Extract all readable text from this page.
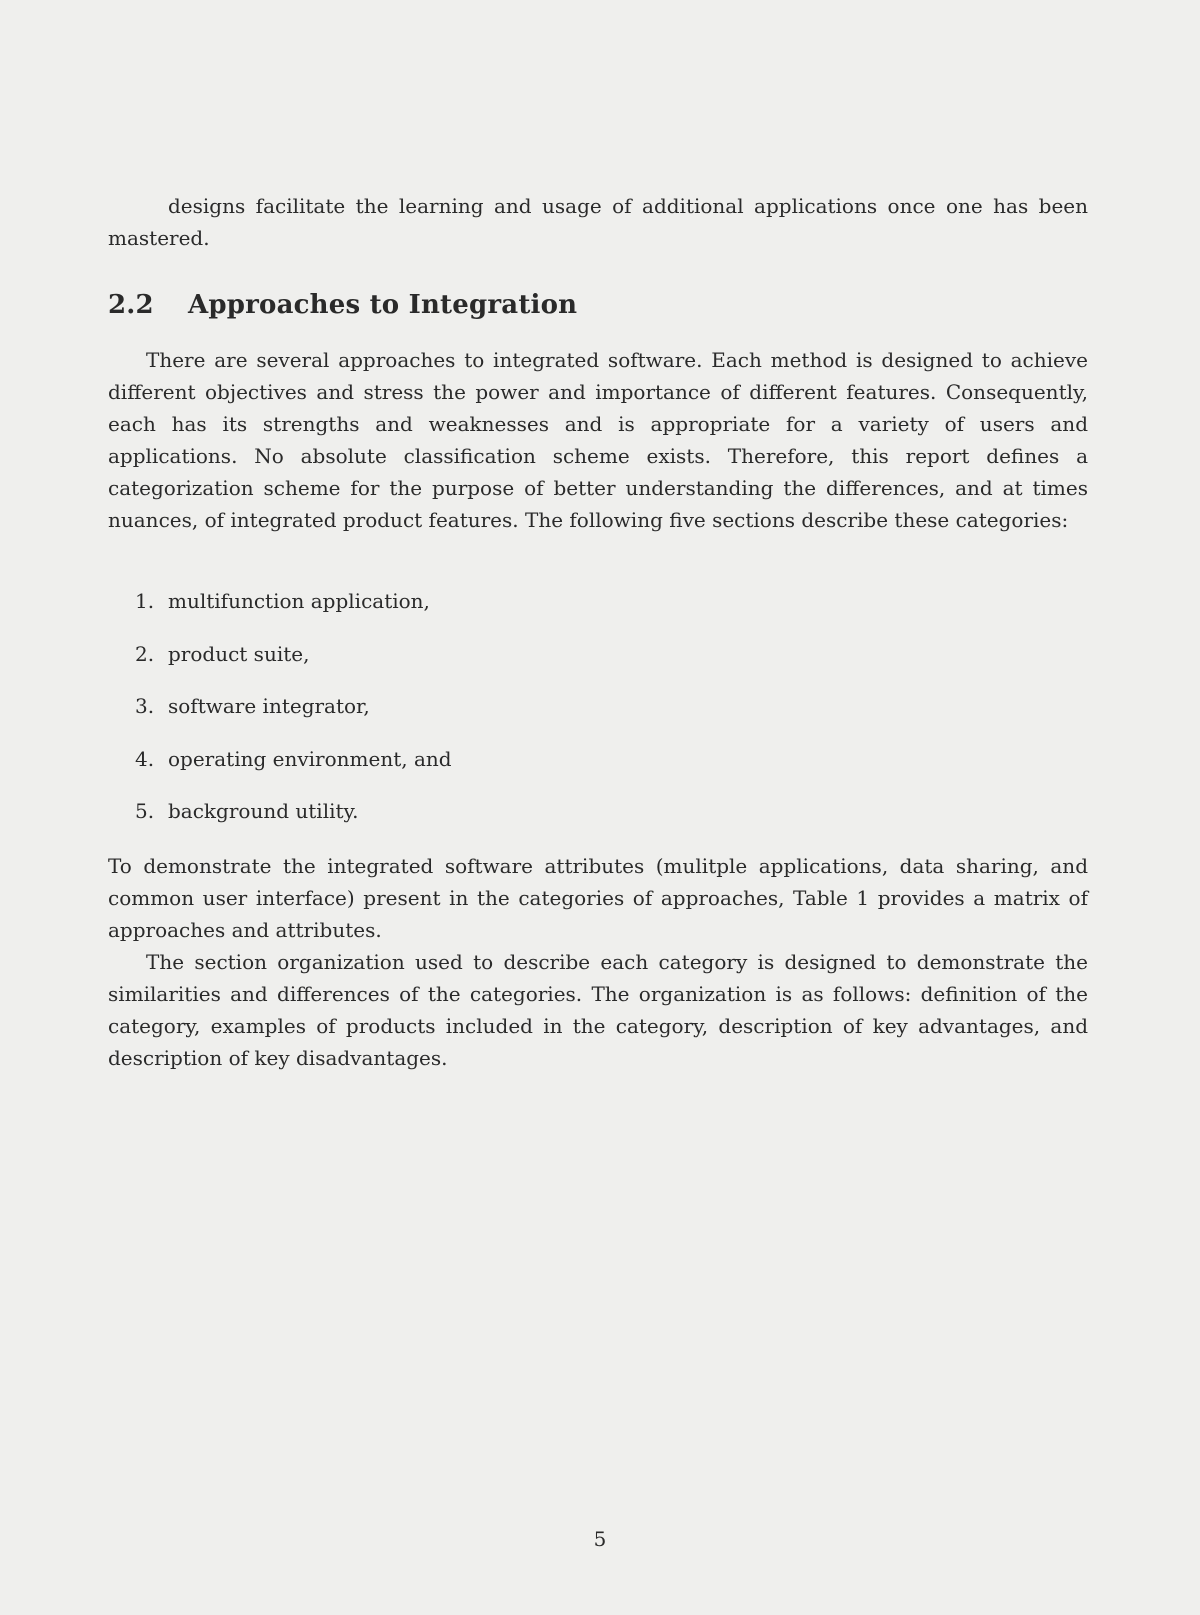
designs facilitate the learning and usage of additional applications once one has been mastered.

2.2 Approaches to Integration

There are several approaches to integrated software. Each method is designed to achieve different objectives and stress the power and importance of different features. Consequently, each has its strengths and weaknesses and is appropriate for a variety of users and applications. No absolute classification scheme exists. Therefore, this report defines a categorization scheme for the purpose of better understanding the differences, and at times nuances, of integrated product features. The following five sections describe these categories:

1. multifunction application,
2. product suite,
3. software integrator,
4. operating environment, and
5. background utility.

To demonstrate the integrated software attributes (mulitple applications, data sharing, and common user interface) present in the categories of approaches, Table 1 provides a matrix of approaches and attributes.

The section organization used to describe each category is designed to demonstrate the similarities and differences of the categories. The organization is as follows: definition of the category, examples of products included in the category, description of key advantages, and description of key disadvantages.

5
